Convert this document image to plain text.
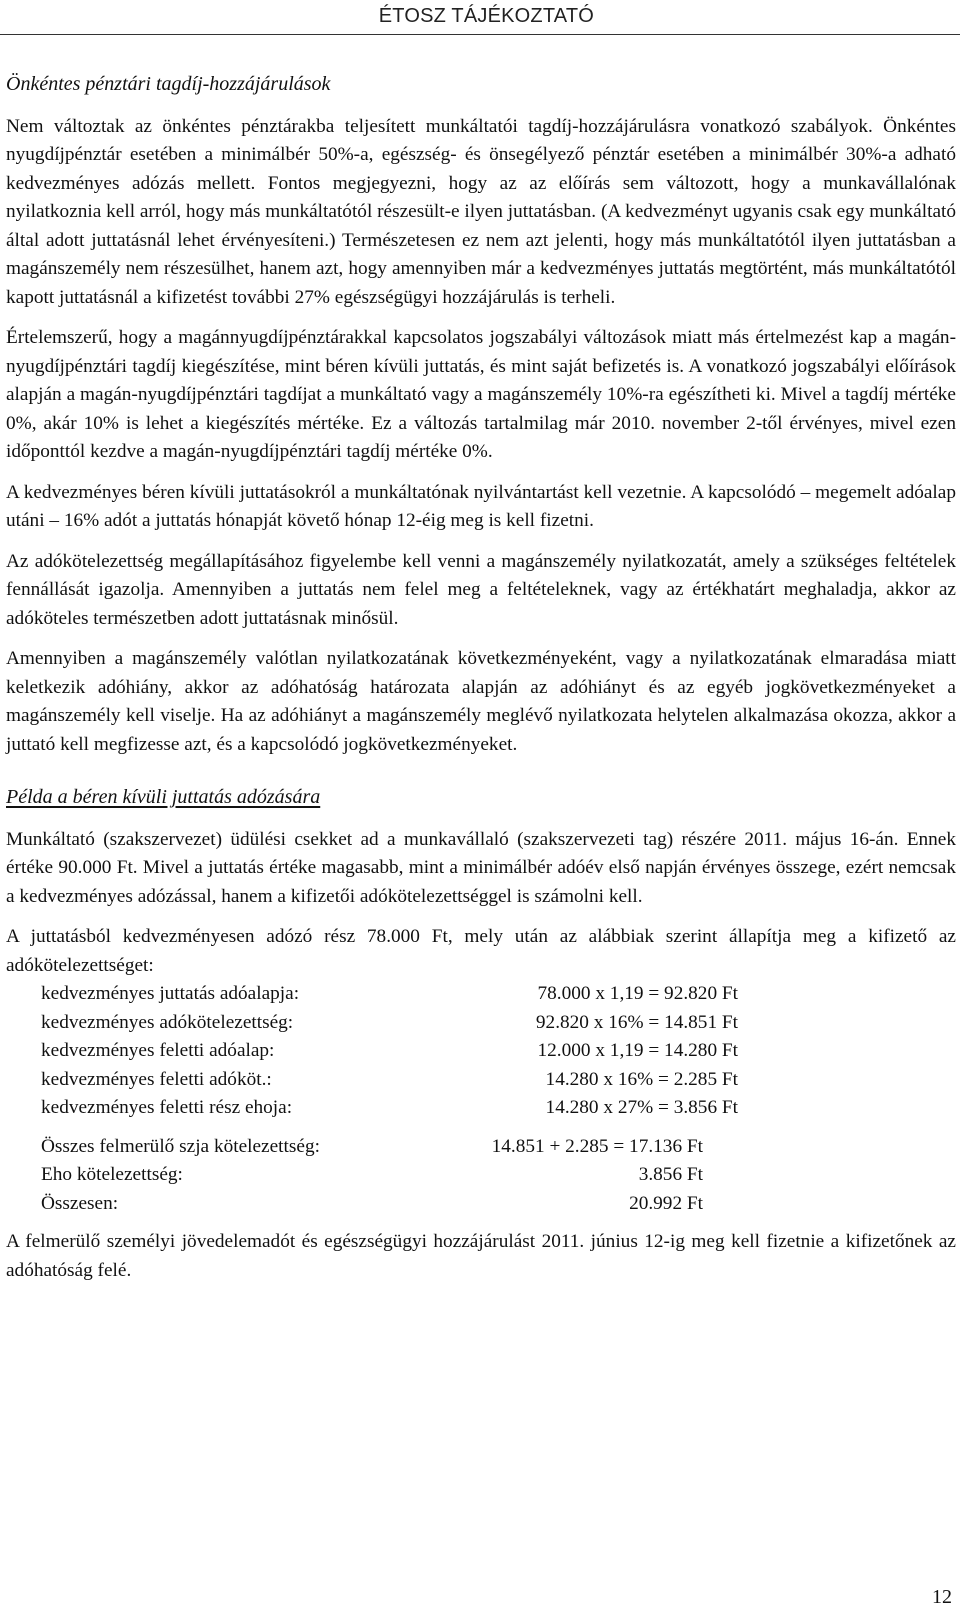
ÉTOSZ TÁJÉKOZTATÓ
Önkéntes pénztári tagdíj-hozzájárulások

Nem változtak az önkéntes pénztárakba teljesített munkáltatói tagdíj-hozzájárulásra vonatkozó szabályok. Önkéntes nyugdíjpénztár esetében a minimálbér 50%-a, egészség- és önsegélyező pénztár esetében a minimálbér 30%-a adható kedvezményes adózás mellett. Fontos megjegyezni, hogy az az előírás sem változott, hogy a munkavállalónak nyilatkoznia kell arról, hogy más munkáltatótól részesült-e ilyen juttatásban. (A kedvezményt ugyanis csak egy munkáltató által adott juttatásnál lehet érvényesíteni.) Természetesen ez nem azt jelenti, hogy más munkáltatótól ilyen juttatásban a magánszemély nem részesülhet, hanem azt, hogy amennyiben már a kedvezményes juttatás megtörtént, más munkáltatótól kapott juttatásnál a kifizetést további 27% egészségügyi hozzájárulás is terheli.

Értelemszerű, hogy a magánnyugdíjpénztárakkal kapcsolatos jogszabályi változások miatt más értelmezést kap a magán-nyugdíjpénztári tagdíj kiegészítése, mint béren kívüli juttatás, és mint saját befizetés is. A vonatkozó jogszabályi előírások alapján a magán-nyugdíjpénztári tagdíjat a munkáltató vagy a magánszemély 10%-ra egészítheti ki. Mivel a tagdíj mértéke 0%, akár 10% is lehet a kiegészítés mértéke. Ez a változás tartalmilag már 2010. november 2-től érvényes, mivel ezen időponttól kezdve a magán-nyugdíjpénztári tagdíj mértéke 0%.

A kedvezményes béren kívüli juttatásokról a munkáltatónak nyilvántartást kell vezetnie. A kapcsolódó – megemelt adóalap utáni – 16% adót a juttatás hónapját követő hónap 12-éig meg is kell fizetni.

Az adókötelezettség megállapításához figyelembe kell venni a magánszemély nyilatkozatát, amely a szükséges feltételek fennállását igazolja. Amennyiben a juttatás nem felel meg a feltételeknek, vagy az értékhatárt meghaladja, akkor az adóköteles természetben adott juttatásnak minősül.

Amennyiben a magánszemély valótlan nyilatkozatának következményeként, vagy a nyilatkozatának elmaradása miatt keletkezik adóhiány, akkor az adóhatóság határozata alapján az adóhiányt és az egyéb jogkövetkezményeket a magánszemély kell viselje. Ha az adóhiányt a magánszemély meglévő nyilatkozata helytelen alkalmazása okozza, akkor a juttató kell megfizesse azt, és a kapcsolódó jogkövetkezményeket.

Példa a béren kívüli juttatás adózására

Munkáltató (szakszervezet) üdülési csekket ad a munkavállaló (szakszervezeti tag) részére 2011. május 16-án. Ennek értéke 90.000 Ft. Mivel a juttatás értéke magasabb, mint a minimálbér adóév első napján érvényes összege, ezért nemcsak a kedvezményes adózással, hanem a kifizetői adókötelezettséggel is számolni kell.

A juttatásból kedvezményesen adózó rész 78.000 Ft, mely után az alábbiak szerint állapítja meg a kifizető az adókötelezettséget:

kedvezményes juttatás adóalapja:	78.000 x 1,19 = 92.820 Ft
kedvezményes adókötelezettség:	92.820 x 16% = 14.851 Ft
kedvezményes feletti adóalap:	12.000 x 1,19 = 14.280 Ft
kedvezményes feletti adóköt.:	14.280 x 16% = 2.285 Ft
kedvezményes feletti rész ehoja:	14.280 x 27% = 3.856 Ft
Összes felmerülő szja kötelezettség:	14.851 + 2.285 = 17.136 Ft
Eho kötelezettség:	3.856 Ft
Összesen:	20.992 Ft

A felmerülő személyi jövedelemadót és egészségügyi hozzájárulást 2011. június 12-ig meg kell fizetnie a kifizetőnek az adóhatóság felé.

12
